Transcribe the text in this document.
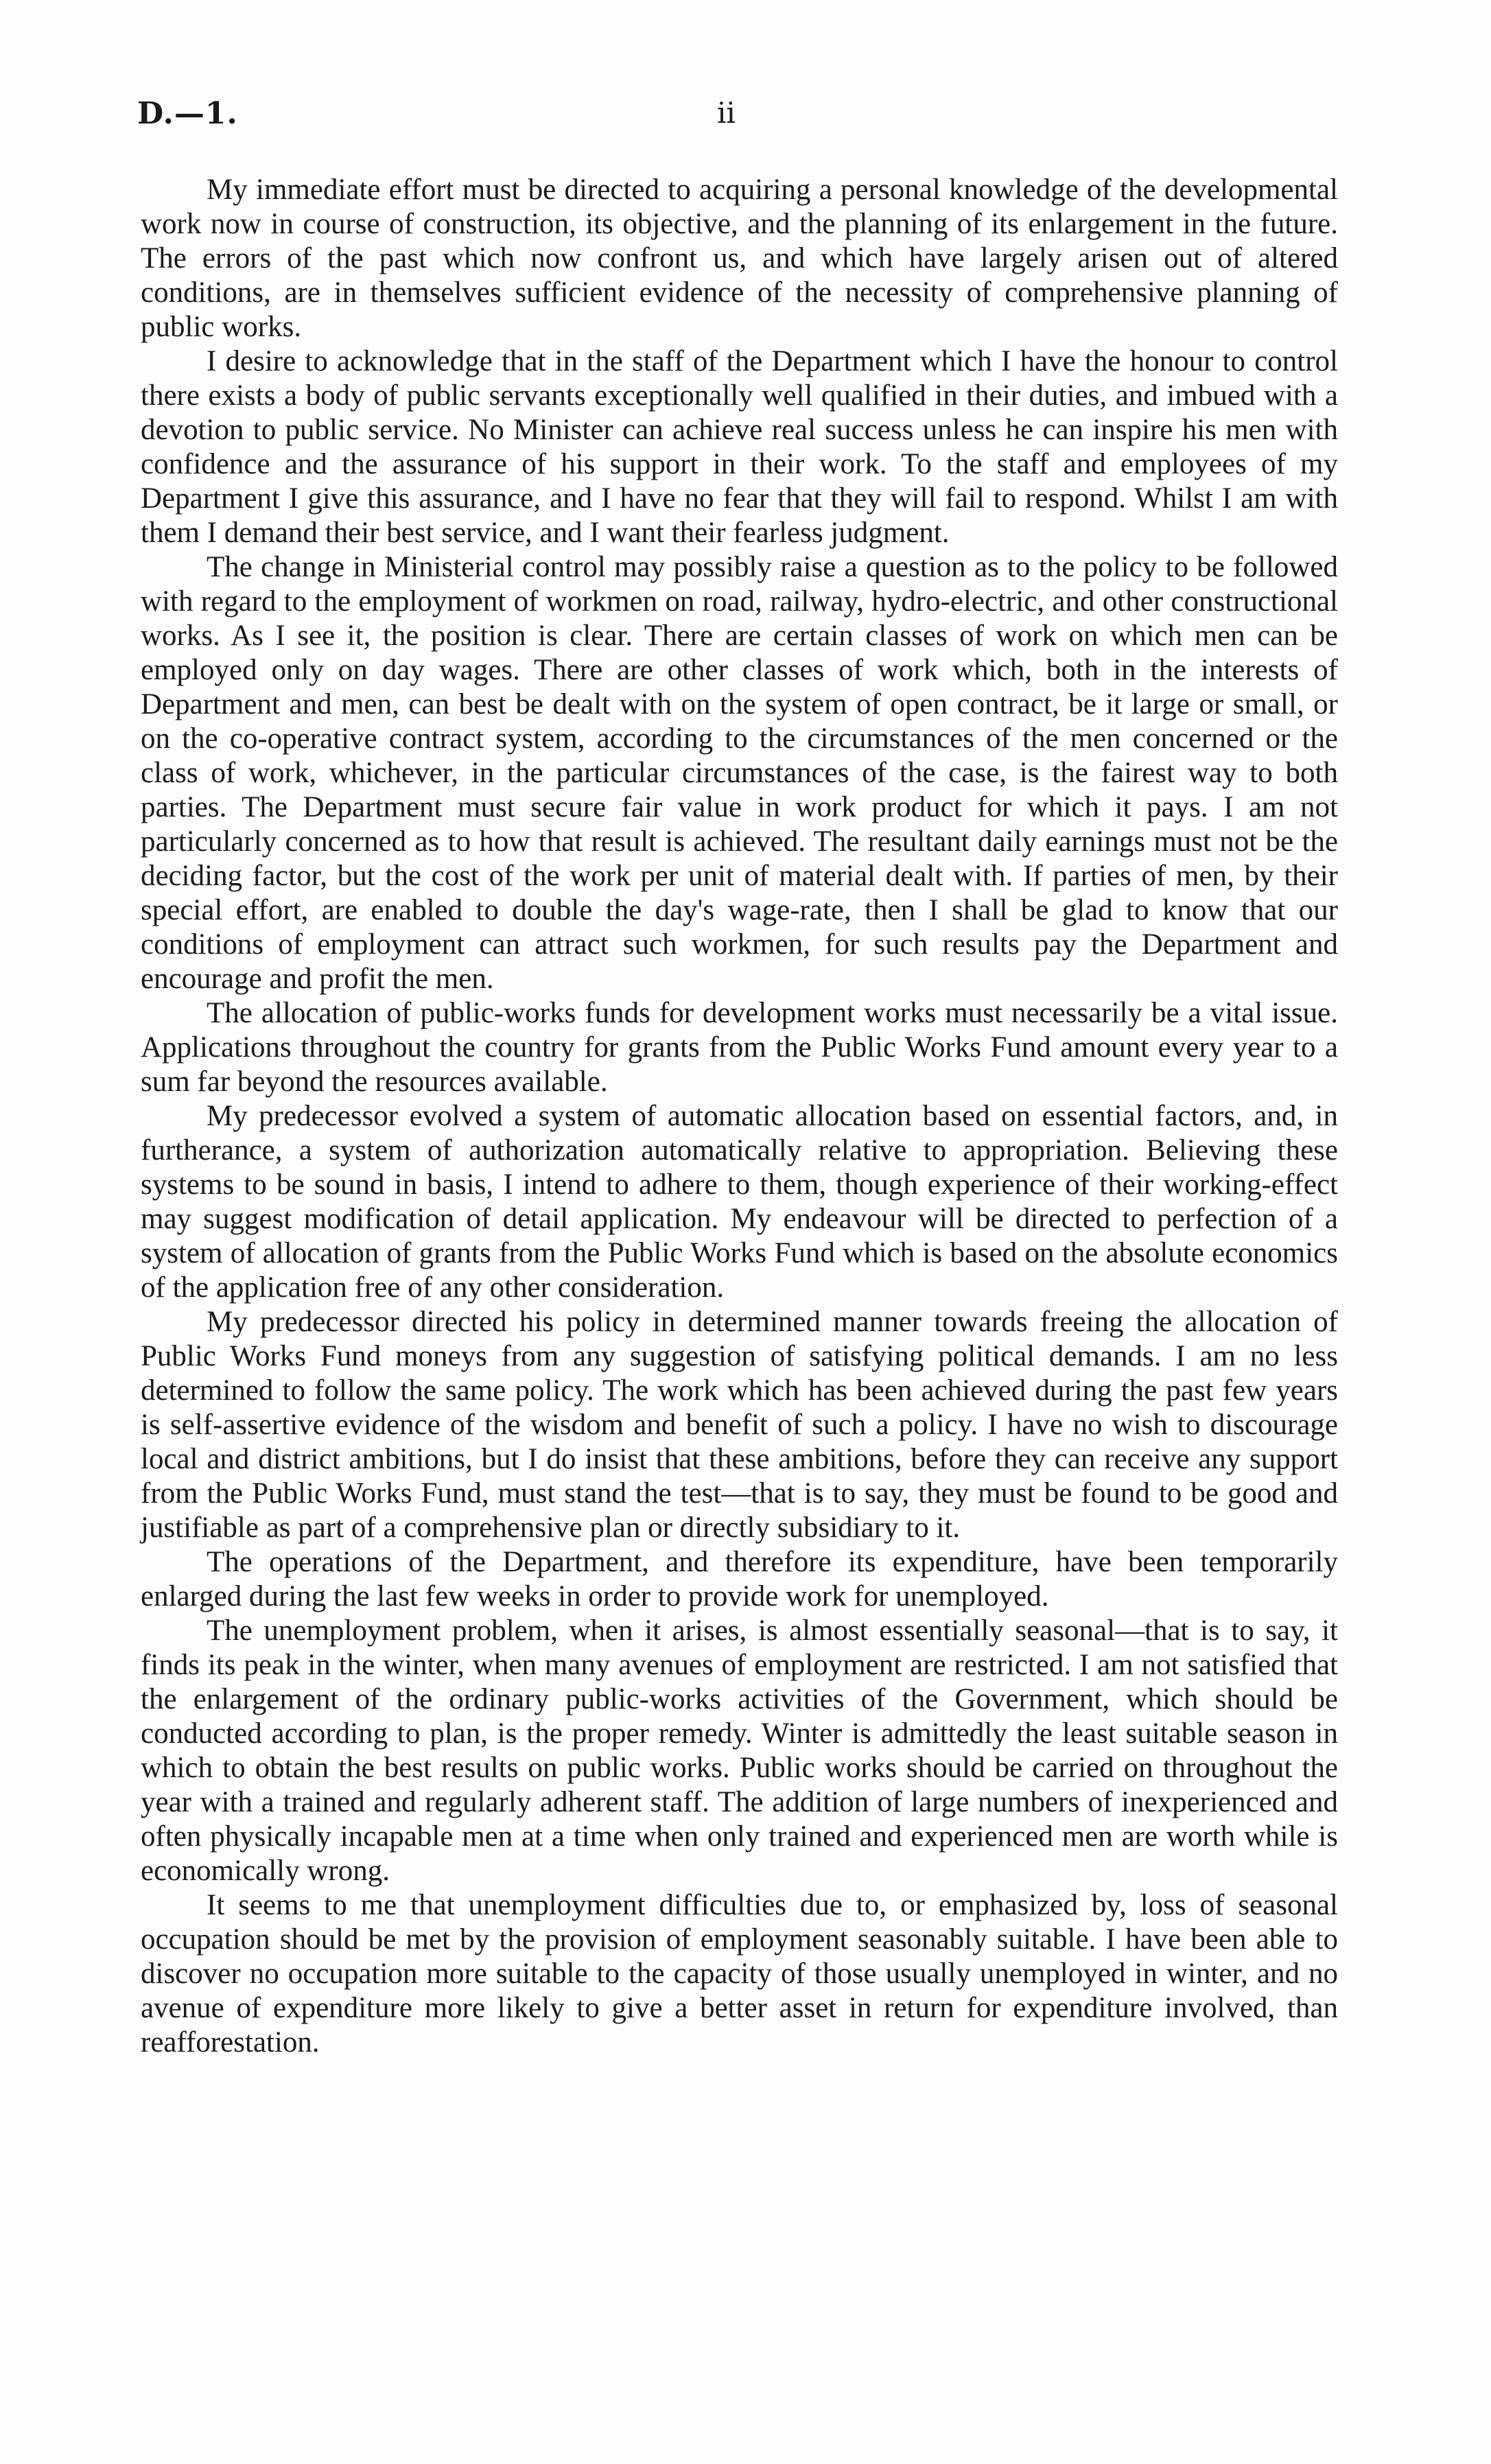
D.—1.	ii

My immediate effort must be directed to acquiring a personal knowledge of the developmental work now in course of construction, its objective, and the planning of its enlargement in the future. The errors of the past which now confront us, and which have largely arisen out of altered conditions, are in themselves sufficient evidence of the necessity of comprehensive planning of public works.

I desire to acknowledge that in the staff of the Department which I have the honour to control there exists a body of public servants exceptionally well qualified in their duties, and imbued with a devotion to public service. No Minister can achieve real success unless he can inspire his men with confidence and the assurance of his support in their work. To the staff and employees of my Department I give this assurance, and I have no fear that they will fail to respond. Whilst I am with them I demand their best service, and I want their fearless judgment.

The change in Ministerial control may possibly raise a question as to the policy to be followed with regard to the employment of workmen on road, railway, hydro-electric, and other constructional works. As I see it, the position is clear. There are certain classes of work on which men can be employed only on day wages. There are other classes of work which, both in the interests of Department and men, can best be dealt with on the system of open contract, be it large or small, or on the co-operative contract system, according to the circumstances of the men concerned or the class of work, whichever, in the particular circumstances of the case, is the fairest way to both parties. The Department must secure fair value in work product for which it pays. I am not particularly concerned as to how that result is achieved. The resultant daily earnings must not be the deciding factor, but the cost of the work per unit of material dealt with. If parties of men, by their special effort, are enabled to double the day's wage-rate, then I shall be glad to know that our conditions of employment can attract such workmen, for such results pay the Department and encourage and profit the men.

The allocation of public-works funds for development works must necessarily be a vital issue. Applications throughout the country for grants from the Public Works Fund amount every year to a sum far beyond the resources available.

My predecessor evolved a system of automatic allocation based on essential factors, and, in furtherance, a system of authorization automatically relative to appropriation. Believing these systems to be sound in basis, I intend to adhere to them, though experience of their working-effect may suggest modification of detail application. My endeavour will be directed to perfection of a system of allocation of grants from the Public Works Fund which is based on the absolute economics of the application free of any other consideration.

My predecessor directed his policy in determined manner towards freeing the allocation of Public Works Fund moneys from any suggestion of satisfying political demands. I am no less determined to follow the same policy. The work which has been achieved during the past few years is self-assertive evidence of the wisdom and benefit of such a policy. I have no wish to discourage local and district ambitions, but I do insist that these ambitions, before they can receive any support from the Public Works Fund, must stand the test—that is to say, they must be found to be good and justifiable as part of a comprehensive plan or directly subsidiary to it.

The operations of the Department, and therefore its expenditure, have been temporarily enlarged during the last few weeks in order to provide work for unemployed.

The unemployment problem, when it arises, is almost essentially seasonal—that is to say, it finds its peak in the winter, when many avenues of employment are restricted. I am not satisfied that the enlargement of the ordinary public-works activities of the Government, which should be conducted according to plan, is the proper remedy. Winter is admittedly the least suitable season in which to obtain the best results on public works. Public works should be carried on throughout the year with a trained and regularly adherent staff. The addition of large numbers of inexperienced and often physically incapable men at a time when only trained and experienced men are worth while is economically wrong.

It seems to me that unemployment difficulties due to, or emphasized by, loss of seasonal occupation should be met by the provision of employment seasonably suitable. I have been able to discover no occupation more suitable to the capacity of those usually unemployed in winter, and no avenue of expenditure more likely to give a better asset in return for expenditure involved, than reafforestation.
